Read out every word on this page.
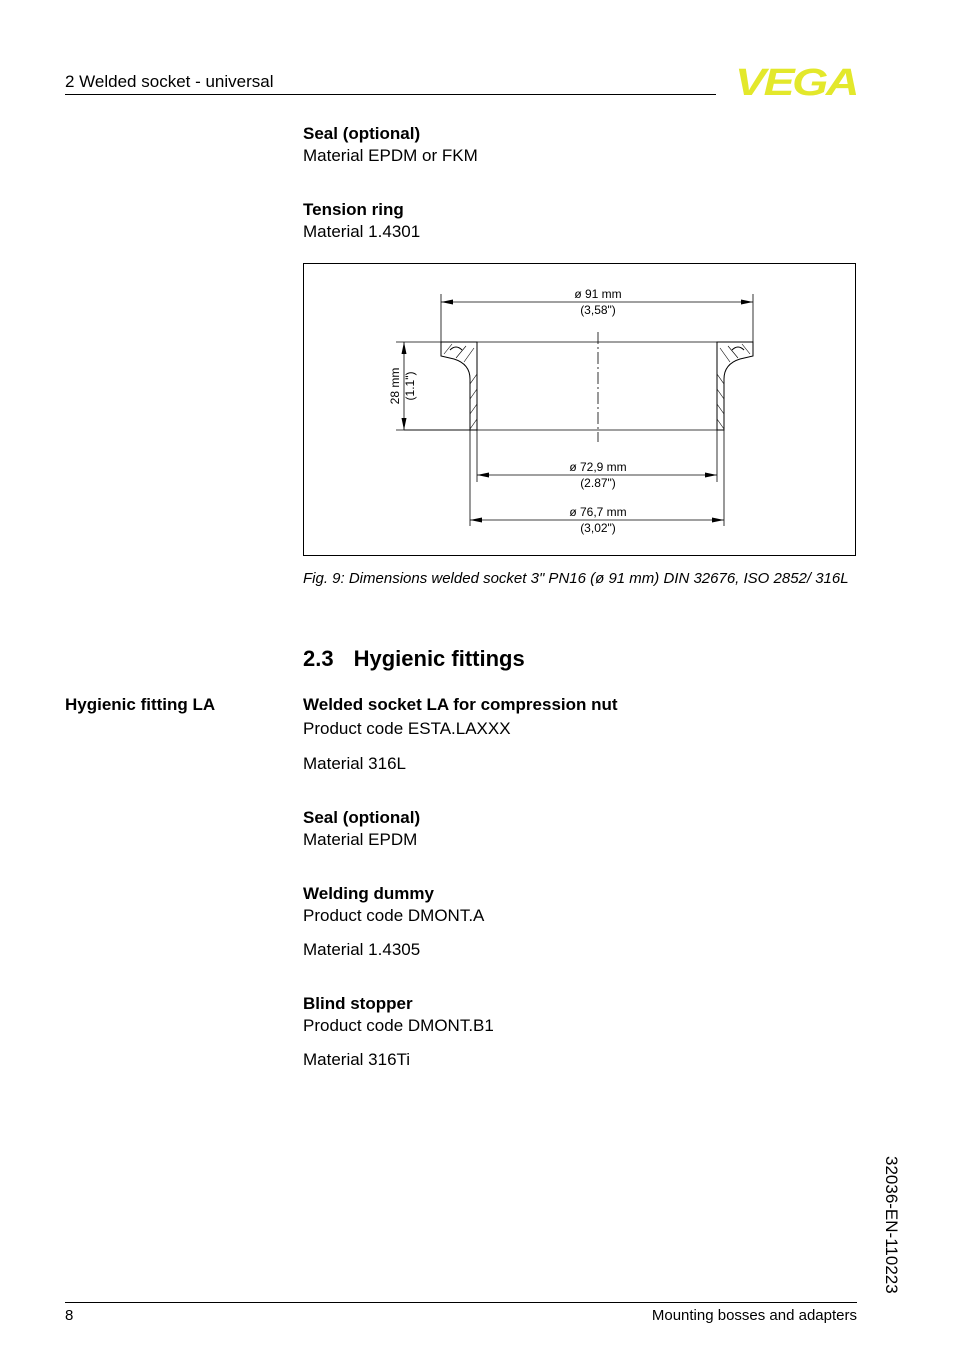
2 Welded socket - universal	VEGA
Seal (optional)
Material EPDM or FKM
Tension ring
Material 1.4301
ø 91 mm
(3,58")
28 mm (1.1")
ø 72,9 mm
(2.87")
ø 76,7 mm
(3,02")
Fig. 9: Dimensions welded socket 3" PN16 (ø 91 mm) DIN 32676, ISO 2852/ 316L
2.3 Hygienic fittings
Hygienic fitting LA	Welded socket LA for compression nut
Product code ESTA.LAXXX
Material 316L
Seal (optional)
Material EPDM
Welding dummy
Product code DMONT.A
Material 1.4305
Blind stopper
Product code DMONT.B1
Material 316Ti
32036-EN-110223
8	Mounting bosses and adapters
